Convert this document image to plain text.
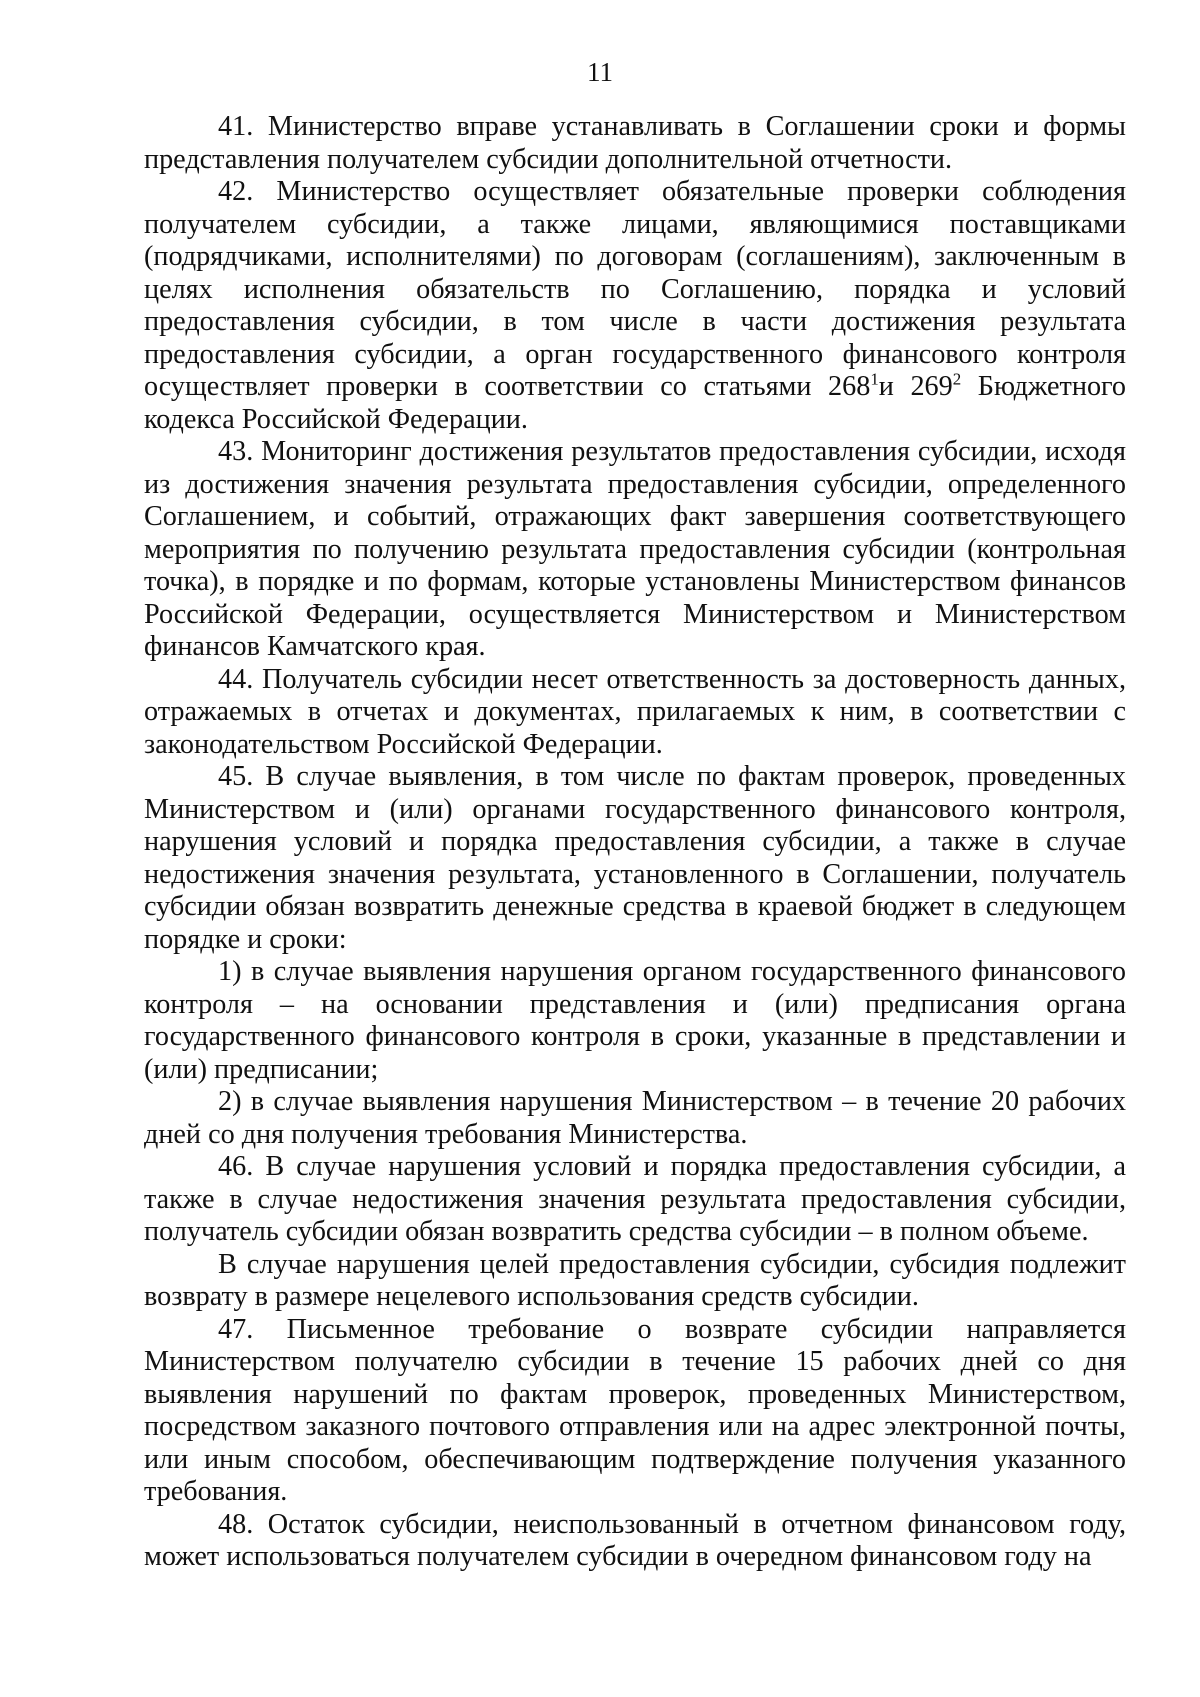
11

41. Министерство вправе устанавливать в Соглашении сроки и формы представления получателем субсидии дополнительной отчетности.

42. Министерство осуществляет обязательные проверки соблюдения получателем субсидии, а также лицами, являющимися поставщиками (подрядчиками, исполнителями) по договорам (соглашениям), заключенным в целях исполнения обязательств по Соглашению, порядка и условий предоставления субсидии, в том числе в части достижения результата предоставления субсидии, а орган государственного финансового контроля осуществляет проверки в соответствии со статьями $268^1и$ $269^2$ Бюджетного кодекса Российской Федерации.

43. Мониторинг достижения результатов предоставления субсидии, исходя из достижения значения результата предоставления субсидии, определенного Соглашением, и событий, отражающих факт завершения соответствующего мероприятия по получению результата предоставления субсидии (контрольная точка), в порядке и по формам, которые установлены Министерством финансов Российской Федерации, осуществляется Министерством и Министерством финансов Камчатского края.

44. Получатель субсидии несет ответственность за достоверность данных, отражаемых в отчетах и документах, прилагаемых к ним, в соответствии с законодательством Российской Федерации.

45. В случае выявления, в том числе по фактам проверок, проведенных Министерством и (или) органами государственного финансового контроля, нарушения условий и порядка предоставления субсидии, а также в случае недостижения значения результата, установленного в Соглашении, получатель субсидии обязан возвратить денежные средства в краевой бюджет в следующем порядке и сроки:

1) в случае выявления нарушения органом государственного финансового контроля – на основании представления и (или) предписания органа государственного финансового контроля в сроки, указанные в представлении и (или) предписании;

2) в случае выявления нарушения Министерством – в течение 20 рабочих дней со дня получения требования Министерства.

46. В случае нарушения условий и порядка предоставления субсидии, а также в случае недостижения значения результата предоставления субсидии, получатель субсидии обязан возвратить средства субсидии – в полном объеме.

В случае нарушения целей предоставления субсидии, субсидия подлежит возврату в размере нецелевого использования средств субсидии.

47. Письменное требование о возврате субсидии направляется Министерством получателю субсидии в течение 15 рабочих дней со дня выявления нарушений по фактам проверок, проведенных Министерством, посредством заказного почтового отправления или на адрес электронной почты, или иным способом, обеспечивающим подтверждение получения указанного требования.

48. Остаток субсидии, неиспользованный в отчетном финансовом году, может использоваться получателем субсидии в очередном финансовом году на
